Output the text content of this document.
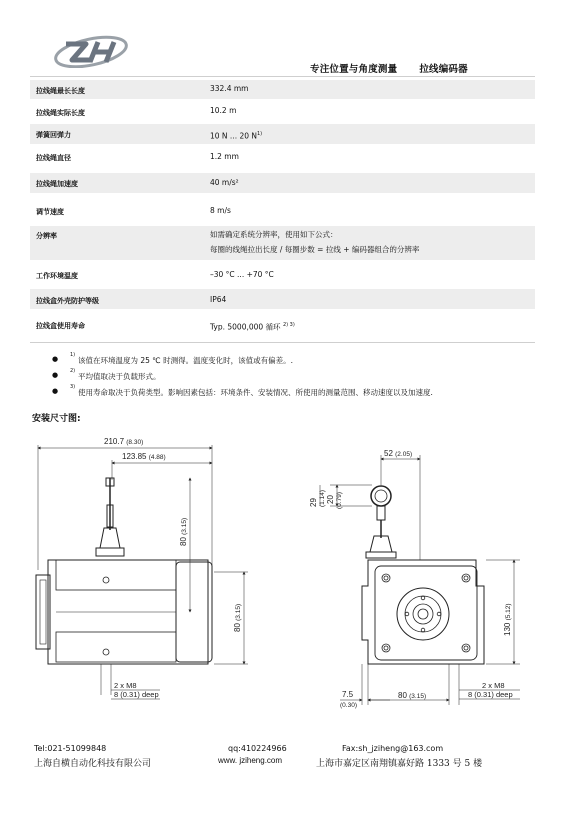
专注位置与角度测量 拉线编码器
拉线绳最长长度	332.4 mm
拉线绳实际长度	10.2 m
弹簧回弹力	10 N ... 20 $N^{1)}$
拉线绳直径	1.2 mm
拉线绳加速度	40 m/s²
调节速度	8 m/s
分辨率	如需确定系统分辨率，使用如下公式：
每圈的线绳拉出长度 / 每圈步数 = 拉线 + 编码器组合的分辨率
工作环境温度	–30 °C ... +70 °C
拉线盒外壳防护等级	IP64
拉线盒使用寿命	Typ. 5000,000 循环 $^{2) 3)}$
● 1)
该值在环境温度为 25 ℃ 时测得。温度变化时，该值或有偏差。.
● 2)
平均值取决于负载形式。
● 3)
使用寿命取决于负荷类型。影响因素包括：环境条件、安装情况、所使用的测量范围、移动速度以及加速度.
安装尺寸图:
210.7 (8.30)
123.85 (4.88)
80 (3.15)
80 (3.15)
2 x M8
8 (0.31) deep
52 (2.05)
20 (0.79)
29 (1.14)
130 (5.12)
7.5
(0.30)
80 (3.15)
2 x M8
8 (0.31) deep
Tel:021-51099848	qq:410224966	Fax:sh_jziheng@163.com
上海自横自动化科技有限公司	www. jziheng.com	上海市嘉定区南翔镇嘉好路 1333 号 5 楼
